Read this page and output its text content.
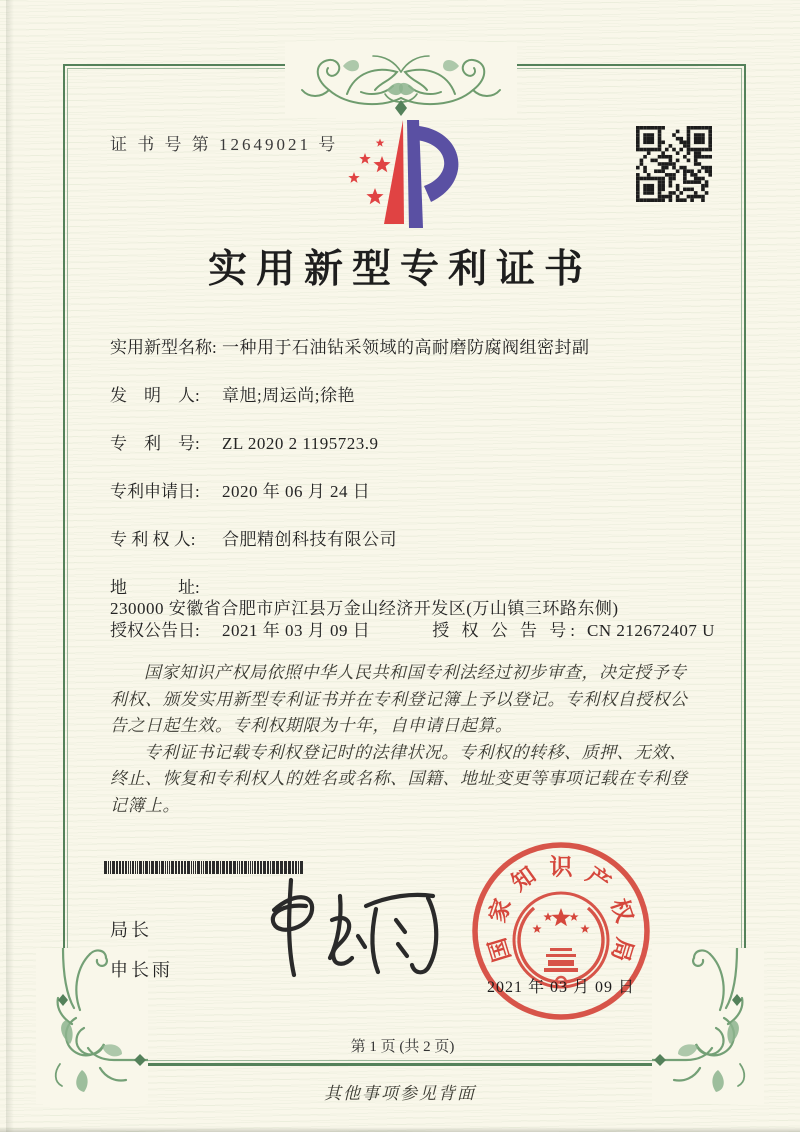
证 书 号 第 12649021 号
实用新型专利证书
实用新型名称: 一种用于石油钻采领域的高耐磨防腐阀组密封副
发　明　人: 章旭;周运尚;徐艳
专　利　号: ZL 2020 2 1195723.9
专利申请日: 2020 年 06 月 24 日
专 利 权 人: 合肥精创科技有限公司
地　　　址:230000 安徽省合肥市庐江县万金山经济开发区(万山镇三环路东侧)
授权公告日: 2021 年 03 月 09 日	授 权 公 告 号: CN 212672407 U

国家知识产权局依照中华人民共和国专利法经过初步审查，决定授予专利权、颁发实用新型专利证书并在专利登记簿上予以登记。专利权自授权公告之日起生效。专利权期限为十年，自申请日起算。

专利证书记载专利权登记时的法律状况。专利权的转移、质押、无效、终止、恢复和专利权人的姓名或名称、国籍、地址变更等事项记载在专利登记簿上。

局长
申长雨
国
家
知 识 产
权
局
2021 年 03 月 09 日
第 1 页 (共 2 页)
其他事项参见背面
